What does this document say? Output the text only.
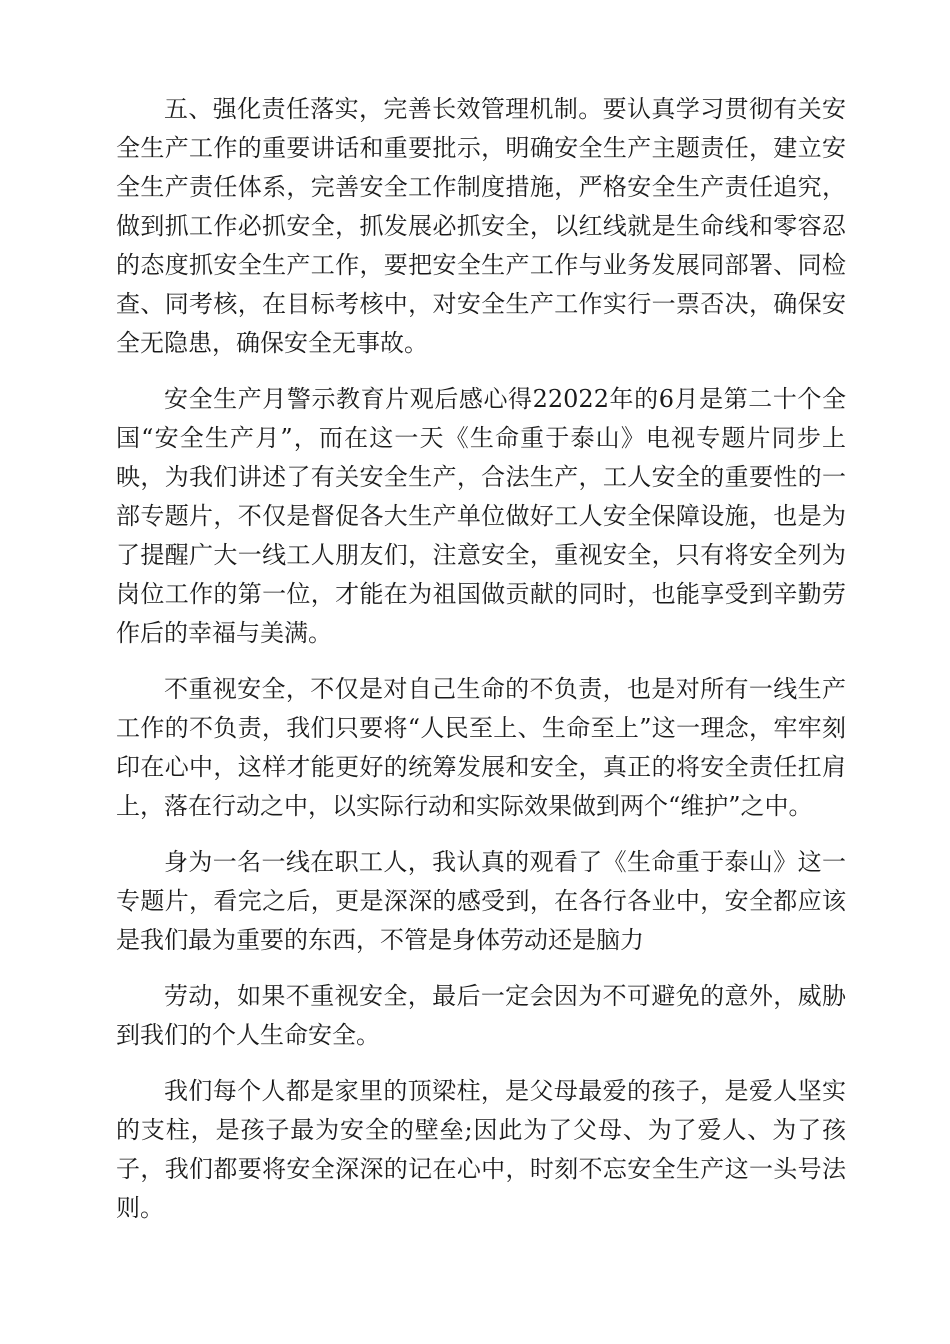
五、强化责任落实，完善长效管理机制。要认真学习贯彻有关安全生产工作的重要讲话和重要批示，明确安全生产主题责任，建立安全生产责任体系，完善安全工作制度措施，严格安全生产责任追究，做到抓工作必抓安全，抓发展必抓安全，以红线就是生命线和零容忍的态度抓安全生产工作，要把安全生产工作与业务发展同部署、同检查、同考核，在目标考核中，对安全生产工作实行一票否决，确保安全无隐患，确保安全无事故。

安全生产月警示教育片观后感心得22022年的6月是第二十个全国“安全生产月”，而在这一天《生命重于泰山》电视专题片同步上映，为我们讲述了有关安全生产，合法生产，工人安全的重要性的一部专题片，不仅是督促各大生产单位做好工人安全保障设施，也是为了提醒广大一线工人朋友们，注意安全，重视安全，只有将安全列为岗位工作的第一位，才能在为祖国做贡献的同时，也能享受到辛勤劳作后的幸福与美满。

不重视安全，不仅是对自己生命的不负责，也是对所有一线生产工作的不负责，我们只要将“人民至上、生命至上”这一理念，牢牢刻印在心中，这样才能更好的统筹发展和安全，真正的将安全责任扛肩上，落在行动之中，以实际行动和实际效果做到两个“维护”之中。

身为一名一线在职工人，我认真的观看了《生命重于泰山》这一专题片，看完之后，更是深深的感受到，在各行各业中，安全都应该是我们最为重要的东西，不管是身体劳动还是脑力

劳动，如果不重视安全，最后一定会因为不可避免的意外，威胁到我们的个人生命安全。

我们每个人都是家里的顶梁柱，是父母最爱的孩子，是爱人坚实的支柱，是孩子最为安全的壁垒;因此为了父母、为了爱人、为了孩子，我们都要将安全深深的记在心中，时刻不忘安全生产这一头号法则。
